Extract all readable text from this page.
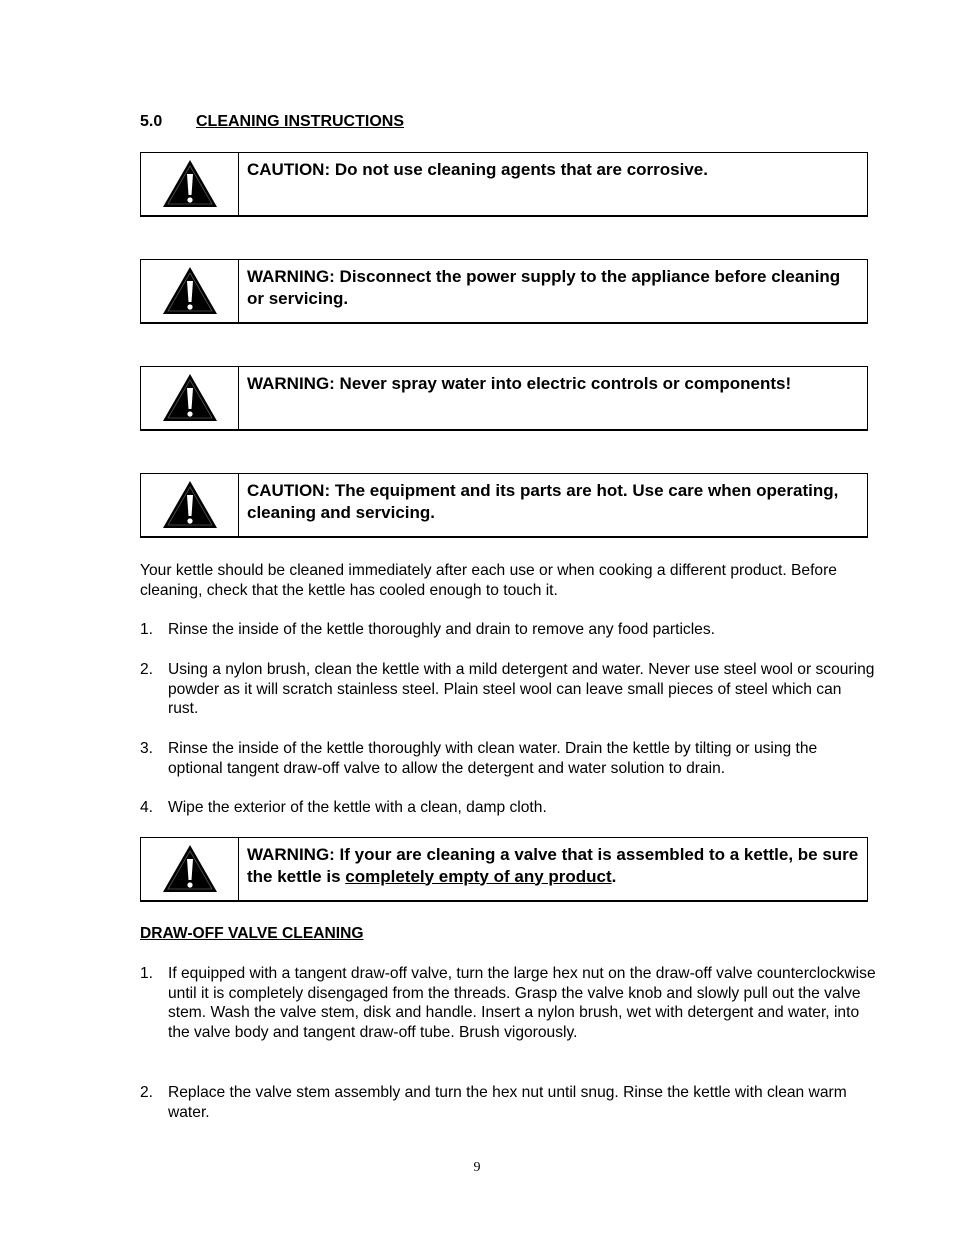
5.0 CLEANING INSTRUCTIONS
CAUTION: Do not use cleaning agents that are corrosive.
WARNING: Disconnect the power supply to the appliance before cleaning or servicing.
WARNING: Never spray water into electric controls or components!
CAUTION: The equipment and its parts are hot. Use care when operating, cleaning and servicing.
Your kettle should be cleaned immediately after each use or when cooking a different product. Before cleaning, check that the kettle has cooled enough to touch it.
1. Rinse the inside of the kettle thoroughly and drain to remove any food particles.
2. Using a nylon brush, clean the kettle with a mild detergent and water. Never use steel wool or scouring powder as it will scratch stainless steel. Plain steel wool can leave small pieces of steel which can rust.
3. Rinse the inside of the kettle thoroughly with clean water. Drain the kettle by tilting or using the optional tangent draw-off valve to allow the detergent and water solution to drain.
4. Wipe the exterior of the kettle with a clean, damp cloth.
WARNING: If your are cleaning a valve that is assembled to a kettle, be sure the kettle is completely empty of any product.
DRAW-OFF VALVE CLEANING
1. If equipped with a tangent draw-off valve, turn the large hex nut on the draw-off valve counterclockwise until it is completely disengaged from the threads. Grasp the valve knob and slowly pull out the valve stem. Wash the valve stem, disk and handle. Insert a nylon brush, wet with detergent and water, into the valve body and tangent draw-off tube. Brush vigorously.
2. Replace the valve stem assembly and turn the hex nut until snug. Rinse the kettle with clean warm water.
9
